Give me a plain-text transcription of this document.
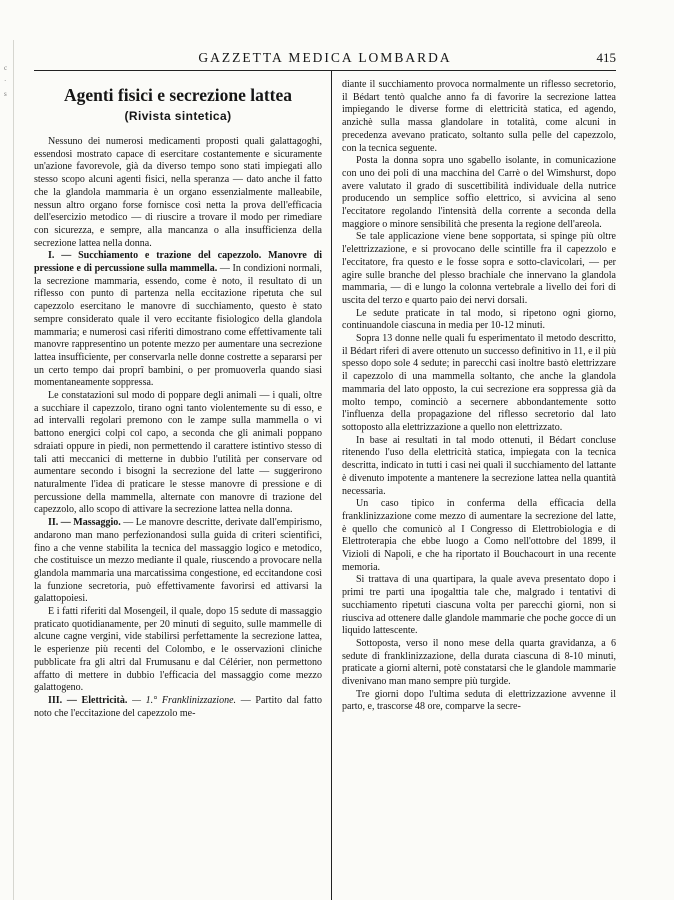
c
·
s
GAZZETTA MEDICA LOMBARDA	415
Agenti fisici e secrezione lattea
(Rivista sintetica)

Nessuno dei numerosi medicamenti proposti quali galattagoghi, essendosi mostrato capace di esercitare costantemente e sicuramente un'azione favorevole, già da diverso tempo sono stati impiegati allo stesso scopo alcuni agenti fisici, nella speranza — dato anche il fatto che la glandola mammaria è un organo essenzialmente malleabile, nessun altro organo forse fornisce così netta la prova dell'efficacia dell'esercizio metodico — di riuscire a trovare il modo per rimediare con sicurezza, e sempre, alla mancanza o alla insufficienza della secrezione lattea nella donna.

I. — Succhiamento e trazione del capezzolo. Manovre di pressione e di percussione sulla mammella. — In condizioni normali, la secrezione mammaria, essendo, come è noto, il resultato di un riflesso con punto di partenza nella eccitazione ripetuta che sul capezzolo esercitano le manovre di succhiamento, questo è stato sempre considerato quale il vero eccitante fisiologico della glandola mammaria; e numerosi casi riferiti dimostrano come effettivamente tali manovre rappresentino un potente mezzo per aumentare una secrezione lattea insufficiente, per conservarla nelle donne costrette a separarsi per un certo tempo dai proprî bambini, o per promuoverla quando siasi momentaneamente soppressa.

Le constatazioni sul modo di poppare degli animali — i quali, oltre a succhiare il capezzolo, tirano ogni tanto violentemente su di esso, e ad intervalli regolari premono con le zampe sulla mammella o vi battono energici colpi col capo, a seconda che gli animali poppano sdraiati oppure in piedi, non permettendo il carattere istintivo stesso di tali atti meccanici di metterne in dubbio l'utilità per conservare od aumentare secondo i bisogni la secrezione del latte — suggerirono naturalmente l'idea di praticare le stesse manovre di pressione e di percussione della mammella, alternate con manovre di trazione del capezzolo, allo scopo di attivare la secrezione lattea nella donna.

II. — Massaggio. — Le manovre descritte, derivate dall'empirismo, andarono man mano perfezionandosi sulla guida di criteri scientifici, fino a che venne stabilita la tecnica del massaggio logico e metodico, che costituisce un mezzo mediante il quale, riuscendo a provocare nella glandola mammaria una marcatissima congestione, ed eccitandone così la funzione secretoria, può effettivamente favorirsi ed attivarsi la galattopoiesi.

E i fatti riferiti dal Mosengeil, il quale, dopo 15 sedute di massaggio praticato quotidianamente, per 20 minuti di seguito, sulle mammelle di alcune cagne vergini, vide stabilirsi perfettamente la secrezione lattea, le esperienze più recenti del Colombo, e le osservazioni cliniche pubblicate fra gli altri dal Frumusanu e dal Célérier, non permettono affatto di mettere in dubbio l'efficacia del massaggio come mezzo galattogeno.

III. — Elettricità. — 1.° Franklinizzazione. — Partito dal fatto noto che l'eccitazione del capezzolo me-

diante il succhiamento provoca normalmente un riflesso secretorio, il Bédart tentò qualche anno fa di favorire la secrezione lattea impiegando le diverse forme di elettricità statica, ed agendo, anzichè sulla massa glandolare in totalità, come alcuni in precedenza avevano praticato, soltanto sulla pelle del capezzolo, con la tecnica seguente.

Posta la donna sopra uno sgabello isolante, in comunicazione con uno dei poli di una macchina del Carrè o del Wimshurst, dopo avere valutato il grado di suscettibilità individuale della nutrice producendo un semplice soffio elettrico, si avvicina al seno l'eccitatore regolando l'intensità della corrente a seconda della maggiore o minore sensibilità che presenta la regione dell'areola.

Se tale applicazione viene bene sopportata, si spinge più oltre l'elettrizzazione, e si provocano delle scintille fra il capezzolo e l'eccitatore, fra questo e le fosse sopra e sotto-clavicolari, — per agire sulle branche del plesso brachiale che innervano la glandola mammaria, — di e lungo la colonna vertebrale a livello dei fori di uscita del terzo e quarto paio dei nervi dorsali.

Le sedute praticate in tal modo, si ripetono ogni giorno, continuandole ciascuna in media per 10-12 minuti.

Sopra 13 donne nelle quali fu esperimentato il metodo descritto, il Bédart riferì di avere ottenuto un successo definitivo in 11, e il più spesso dopo sole 4 sedute; in parecchi casi inoltre bastò elettrizzare il capezzolo di una mammella soltanto, che anche la glandola mammaria del lato opposto, la cui secrezione era soppressa già da molto tempo, cominciò a secernere abbondantemente sotto l'influenza della propagazione del riflesso secretorio dal lato sottoposto alla elettrizzazione a quello non elettrizzato.

In base ai resultati in tal modo ottenuti, il Bédart concluse ritenendo l'uso della elettricità statica, impiegata con la tecnica descritta, indicato in tutti i casi nei quali il succhiamento del lattante è divenuto impotente a mantenere la secrezione lattea nella quantità necessaria.

Un caso tipico in conferma della efficacia della franklinizzazione come mezzo di aumentare la secrezione del latte, è quello che comunicò al I Congresso di Elettrobiologia e di Elettroterapia che ebbe luogo a Como nell'ottobre del 1899, il Vizioli di Napoli, e che ha riportato il Bouchacourt in una recente memoria.

Si trattava di una quartipara, la quale aveva presentato dopo i primi tre parti una ipogalttia tale che, malgrado i tentativi di succhiamento ripetuti ciascuna volta per parecchi giorni, non si riusciva ad ottenere dalle glandole mammarie che poche gocce di un liquido lattescente.

Sottoposta, verso il nono mese della quarta gravidanza, a 6 sedute di franklinizzazione, della durata ciascuna di 8-10 minuti, praticate a giorni alterni, potè constatarsi che le glandole mammarie divenivano man mano sempre più turgide.

Tre giorni dopo l'ultima seduta di elettrizzazione avvenne il parto, e, trascorse 48 ore, comparve la secre-
